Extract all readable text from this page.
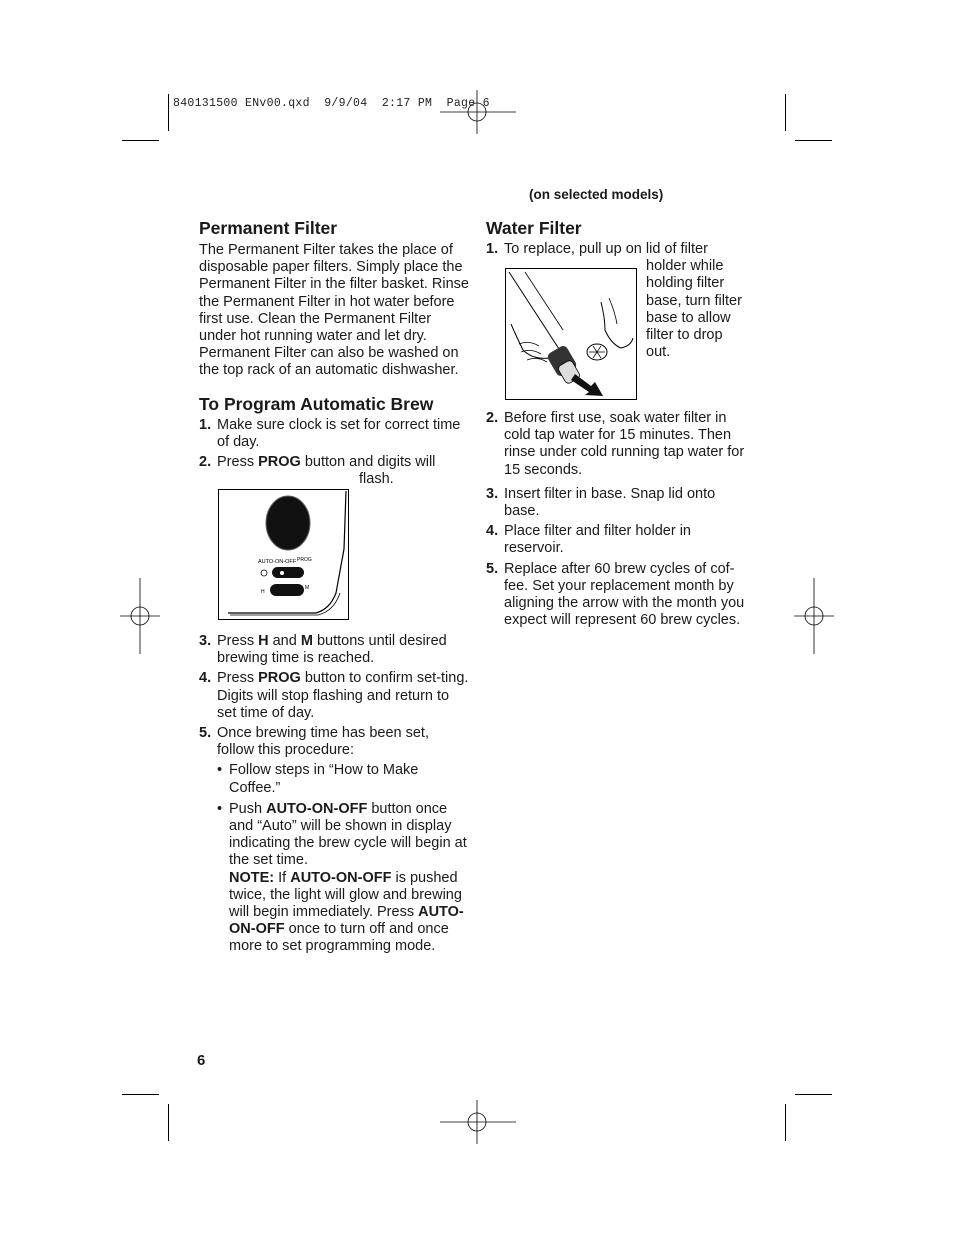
840131500 ENv00.qxd  9/9/04  2:17 PM  Page 6
(on selected models)
Permanent Filter

The Permanent Filter takes the place of disposable paper filters. Simply place the Permanent Filter in the filter basket. Rinse the Permanent Filter in hot water before first use. Clean the Permanent Filter under hot running water and let dry. Permanent Filter can also be washed on the top rack of an automatic dishwasher.

To Program Automatic Brew
1. Make sure clock is set for correct time of day.
2. Press PROG button and digits will

flash.
AUTO-ON-OFF PROG
H
M
3. Press H and M buttons until desired brewing time is reached.
4. Press PROG button to confirm set-ting. Digits will stop flashing and return to set time of day.
5. Once brewing time has been set, follow this procedure:
• Follow steps in “How to Make Coffee.”
• Push AUTO-ON-OFF button once and “Auto” will be shown in display indicating the brew cycle will begin at the set time.
NOTE: If AUTO-ON-OFF is pushed twice, the light will glow and brewing will begin immediately. Press AUTO-ON-OFF once to turn off and once more to set programming mode.
Water Filter
1. To replace, pull up on lid of filter
holder while holding filter base, turn filter base to allow filter to drop out.
2. Before first use, soak water filter in cold tap water for 15 minutes. Then rinse under cold running tap water for 15 seconds.
3. Insert filter in base. Snap lid onto base.
4. Place filter and filter holder in reservoir.
5. Replace after 60 brew cycles of cof-fee. Set your replacement month by aligning the arrow with the month you expect will represent 60 brew cycles.
6
